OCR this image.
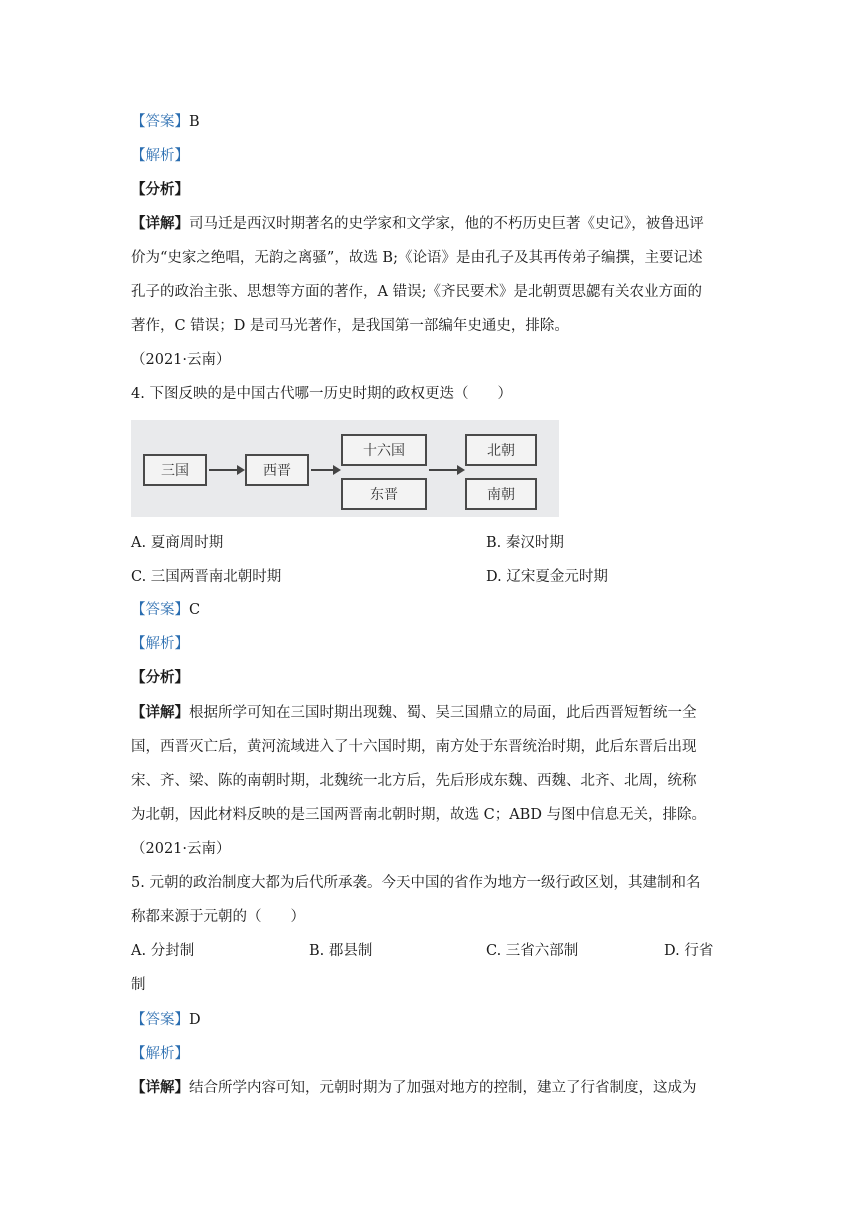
【答案】B
【解析】
【分析】
【详解】司马迁是西汉时期著名的史学家和文学家，他的不朽历史巨著《史记》，被鲁迅评
价为“史家之绝唱，无韵之离骚”，故选 B;《论语》是由孔子及其再传弟子编撰，主要记述
孔子的政治主张、思想等方面的著作，A 错误;《齐民要术》是北朝贾思勰有关农业方面的
著作，C 错误；D 是司马光著作，是我国第一部编年史通史，排除。
（2021·云南）
4. 下图反映的是中国古代哪一历史时期的政权更迭（　　）
三国	西晋
十六国
东晋
北朝
南朝
A. 夏商周时期	B. 秦汉时期
C. 三国两晋南北朝时期	D. 辽宋夏金元时期
【答案】C
【解析】
【分析】
【详解】根据所学可知在三国时期出现魏、蜀、吴三国鼎立的局面，此后西晋短暂统一全
国，西晋灭亡后，黄河流域进入了十六国时期，南方处于东晋统治时期，此后东晋后出现
宋、齐、梁、陈的南朝时期，北魏统一北方后，先后形成东魏、西魏、北齐、北周，统称
为北朝，因此材料反映的是三国两晋南北朝时期，故选 C；ABD 与图中信息无关，排除。
（2021·云南）
5. 元朝的政治制度大都为后代所承袭。今天中国的省作为地方一级行政区划，其建制和名
称都来源于元朝的（　　）
A. 分封制	B. 郡县制	C. 三省六部制	D. 行省
制
【答案】D
【解析】
【详解】结合所学内容可知，元朝时期为了加强对地方的控制，建立了行省制度，这成为
